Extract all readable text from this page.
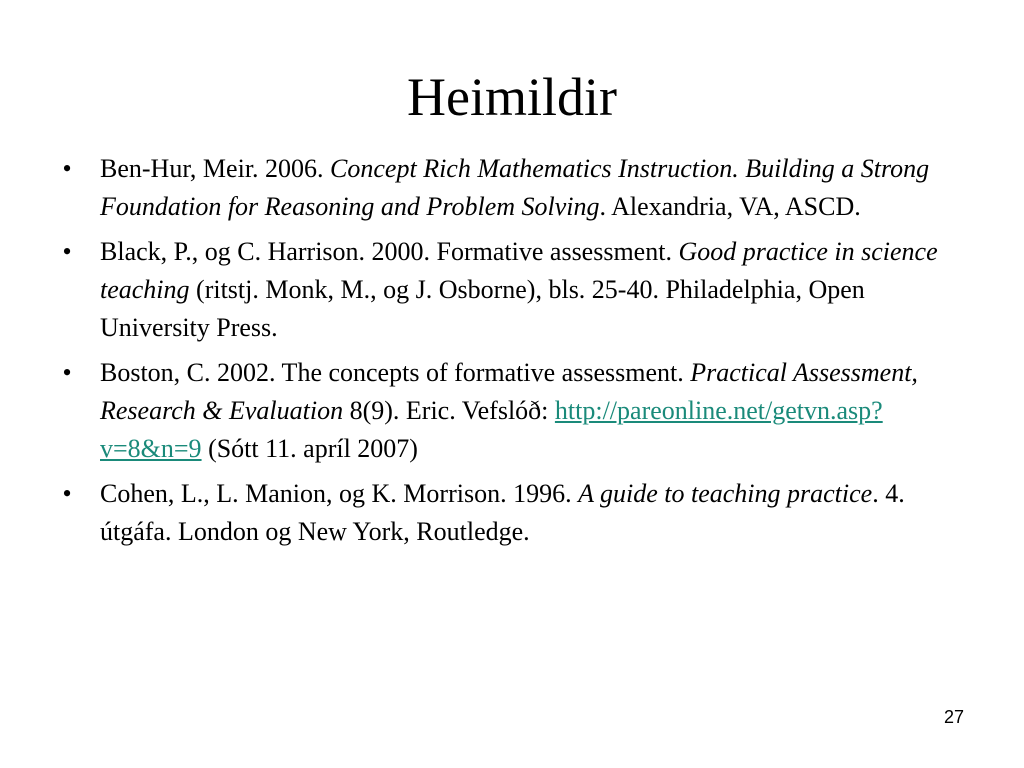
Heimildir
• Ben-Hur, Meir. 2006. Concept Rich Mathematics Instruction. Building a Strong Foundation for Reasoning and Problem Solving. Alexandria, VA, ASCD.
• Black, P., og C. Harrison. 2000. Formative assessment. Good practice in science teaching (ritstj. Monk, M., og J. Osborne), bls. 25-40. Philadelphia, Open University Press.
• Boston, C. 2002. The concepts of formative assessment. Practical Assessment, Research & Evaluation 8(9). Eric. Vefslóð: http://pareonline.net/getvn.asp?v=8&n=9 (Sótt 11. apríl 2007)
• Cohen, L., L. Manion, og K. Morrison. 1996. A guide to teaching practice. 4. útgáfa. London og New York, Routledge.
27
